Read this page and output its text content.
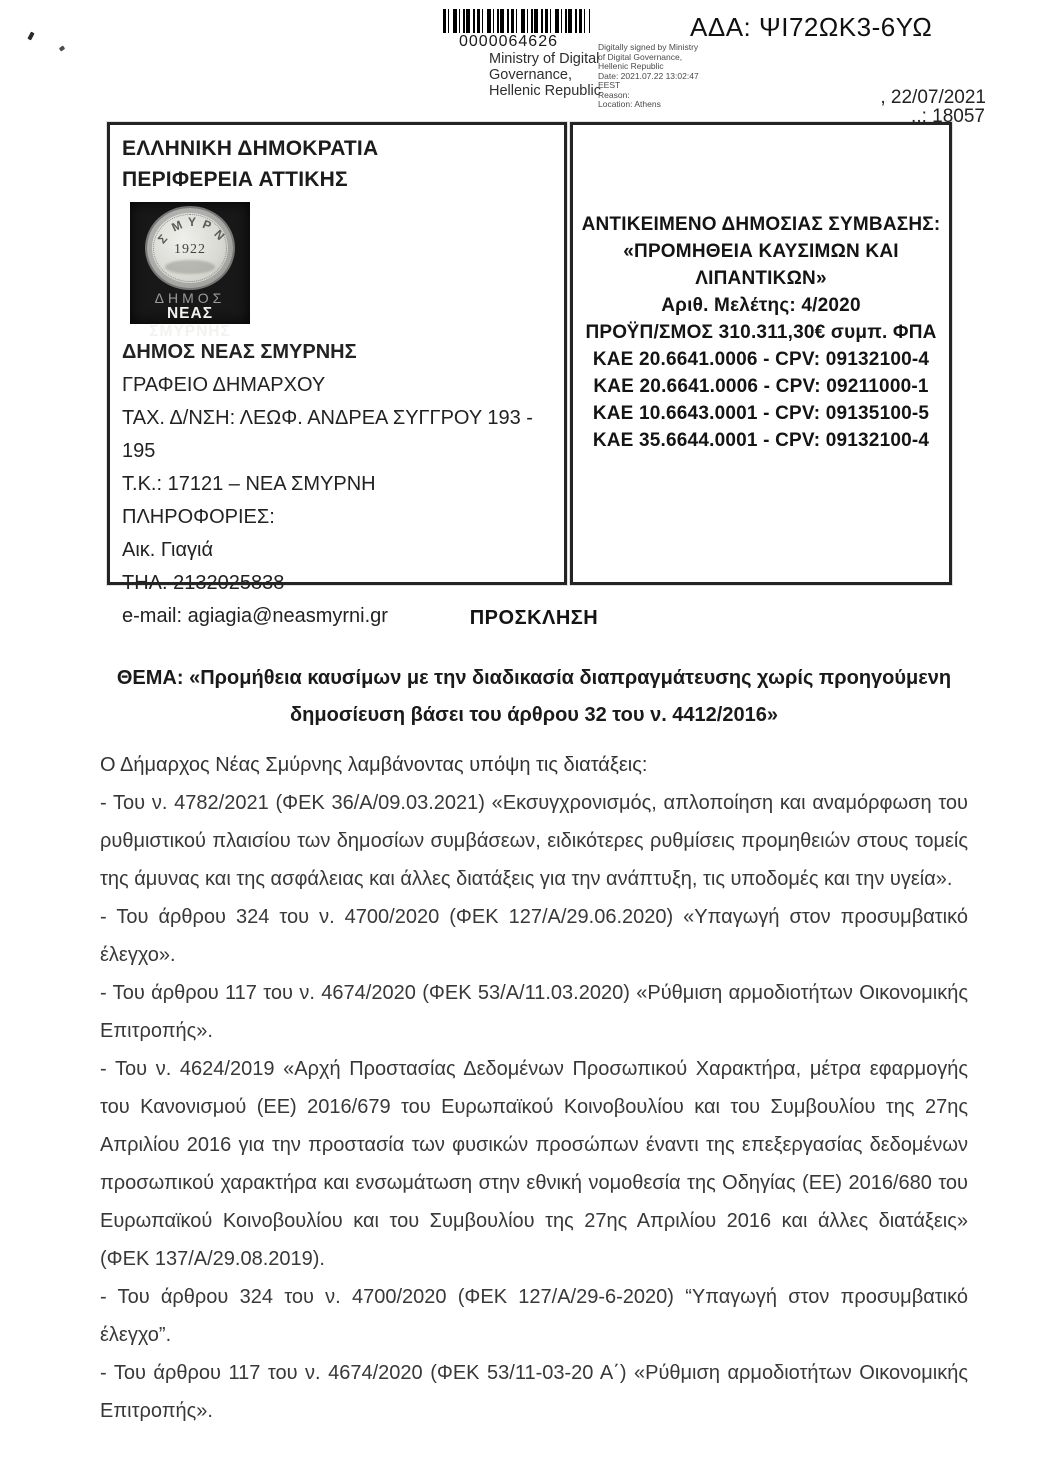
0000064626
Ministry of Digital
Governance,
Hellenic Republic
Digitally signed by Ministry
of Digital Governance,
Hellenic Republic
Date: 2021.07.22 13:02:47
EEST
Reason:
Location: Athens
ΑΔΑ: ΨΙ72ΩΚ3-6ΥΩ
, 22/07/2021
..: 18057
ΕΛΛΗΝΙΚΗ ΔΗΜΟΚΡΑΤΙΑ
ΠΕΡΙΦΕΡΕΙΑ ΑΤΤΙΚΗΣ
Σ
Μ Υ Ρ
Ν
1922
ΔΗΜΟΣ
ΝΕΑΣ ΣΜΥΡΝΗΣ
ΔΗΜΟΣ ΝΕΑΣ ΣΜΥΡΝΗΣ
ΓΡΑΦΕΙΟ ΔΗΜΑΡΧΟΥ
ΤΑΧ. Δ/ΝΣΗ: ΛΕΩΦ. ΑΝΔΡΕΑ ΣΥΓΓΡΟΥ 193 - 195
Τ.Κ.: 17121 – ΝΕΑ ΣΜΥΡΝΗ
ΠΛΗΡΟΦΟΡΙΕΣ:
Αικ. Γιαγιά
ΤΗΛ. 2132025838
e-mail: agiagia@neasmyrni.gr
ΑΝΤΙΚΕΙΜΕΝΟ ΔΗΜΟΣΙΑΣ ΣΥΜΒΑΣΗΣ:
«ΠΡΟΜΗΘΕΙΑ ΚΑΥΣΙΜΩΝ ΚΑΙ
ΛΙΠΑΝΤΙΚΩΝ»
Αριθ. Μελέτης: 4/2020
ΠΡΟΫΠ/ΣΜΟΣ 310.311,30€ συμπ. ΦΠΑ
ΚΑΕ 20.6641.0006 - CPV: 09132100-4
ΚΑΕ 20.6641.0006 - CPV: 09211000-1
ΚΑΕ 10.6643.0001 - CPV: 09135100-5
ΚΑΕ 35.6644.0001 - CPV: 09132100-4
ΠΡΟΣΚΛΗΣΗ
ΘΕΜΑ: «Προμήθεια καυσίμων με την διαδικασία διαπραγμάτευσης χωρίς προηγούμενη
δημοσίευση βάσει του άρθρου 32 του ν. 4412/2016»

Ο Δήμαρχος Νέας Σμύρνης λαμβάνοντας υπόψη τις διατάξεις:

- Του ν. 4782/2021 (ΦΕΚ 36/Α/09.03.2021) «Εκσυγχρονισμός, απλοποίηση και αναμόρφωση του ρυθμιστικού πλαισίου των δημοσίων συμβάσεων, ειδικότερες ρυθμίσεις προμηθειών στους τομείς της άμυνας και της ασφάλειας και άλλες διατάξεις για την ανάπτυξη, τις υποδομές και την υγεία».

- Του άρθρου 324 του ν. 4700/2020 (ΦΕΚ 127/Α/29.06.2020) «Υπαγωγή στον προσυμβατικό έλεγχο».

- Του άρθρου 117 του ν. 4674/2020 (ΦΕΚ 53/Α/11.03.2020) «Ρύθμιση αρμοδιοτήτων Οικονομικής Επιτροπής».

- Του ν. 4624/2019 «Αρχή Προστασίας Δεδομένων Προσωπικού Χαρακτήρα, μέτρα εφαρμογής του Κανονισμού (ΕΕ) 2016/679 του Ευρωπαϊκού Κοινοβουλίου και του Συμβουλίου της 27ης Απριλίου 2016 για την προστασία των φυσικών προσώπων έναντι της επεξεργασίας δεδομένων προσωπικού χαρακτήρα και ενσωμάτωση στην εθνική νομοθεσία της Οδηγίας (ΕΕ) 2016/680 του Ευρωπαϊκού Κοινοβουλίου και του Συμβουλίου της 27ης Απριλίου 2016 και άλλες διατάξεις» (ΦΕΚ 137/Α/29.08.2019).

- Του άρθρου 324 του ν. 4700/2020 (ΦΕΚ 127/Α/29-6-2020) “Υπαγωγή στον προσυμβατικό έλεγχο”.

- Του άρθρου 117 του ν. 4674/2020 (ΦΕΚ 53/11-03-20 Α΄) «Ρύθμιση αρμοδιοτήτων Οικονομικής Επιτροπής».
